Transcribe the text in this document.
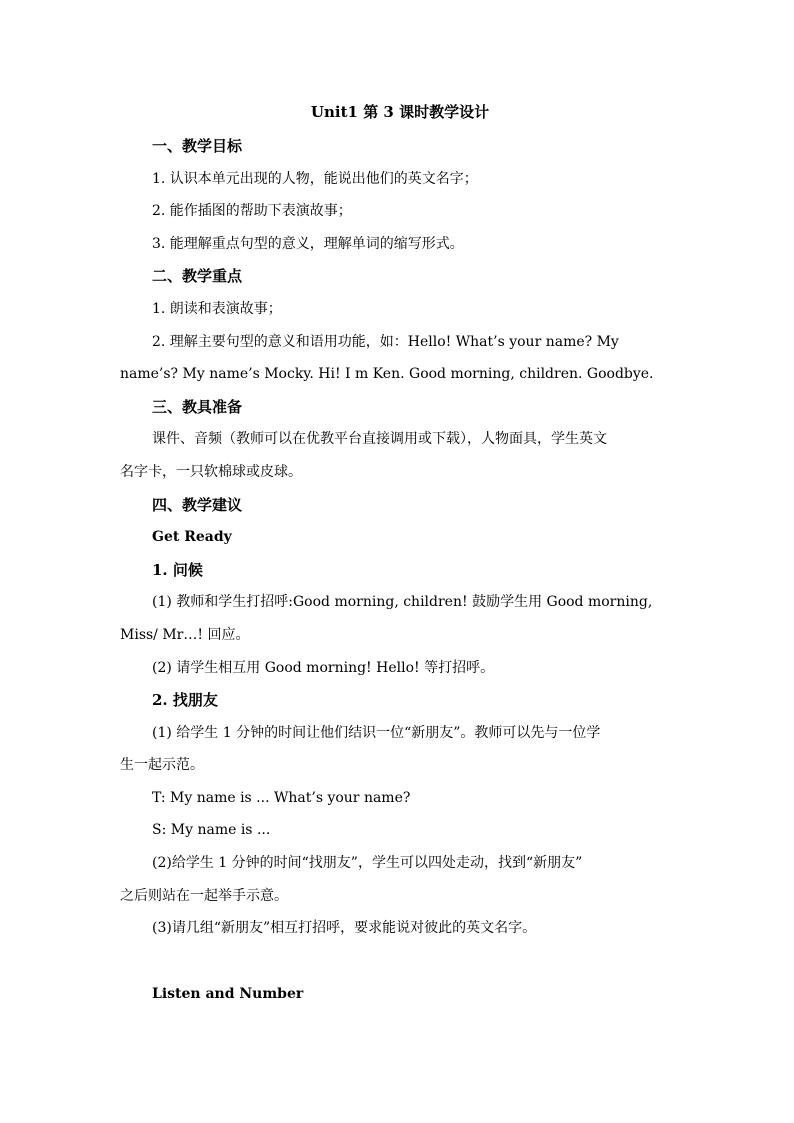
Unit1 第 3 课时教学设计

一、教学目标

1. 认识本单元出现的人物，能说出他们的英文名字；

2. 能作插图的帮助下表演故事；

3. 能理解重点句型的意义，理解单词的缩写形式。

二、教学重点

1. 朗读和表演故事；

2. 理解主要句型的意义和语用功能，如：Hello! What’s your name? My

name’s? My name’s Mocky. Hi! I m Ken. Good morning, children. Goodbye.

三、教具准备

课件、音频（教师可以在优教平台直接调用或下载），人物面具，学生英文

名字卡，一只软棉球或皮球。

四、教学建议

Get Ready

1. 问候

(1) 教师和学生打招呼:Good morning, children! 鼓励学生用 Good morning,

Miss/ Mr…! 回应。

(2) 请学生相互用 Good morning! Hello! 等打招呼。

2. 找朋友

(1) 给学生 1 分钟的时间让他们结识一位“新朋友”。教师可以先与一位学

生一起示范。

T: My name is ... What’s your name?

S: My name is ...

(2)给学生 1 分钟的时间“找朋友”，学生可以四处走动，找到“新朋友”

之后则站在一起举手示意。

(3)请几组“新朋友”相互打招呼，要求能说对彼此的英文名字。

Listen and Number
